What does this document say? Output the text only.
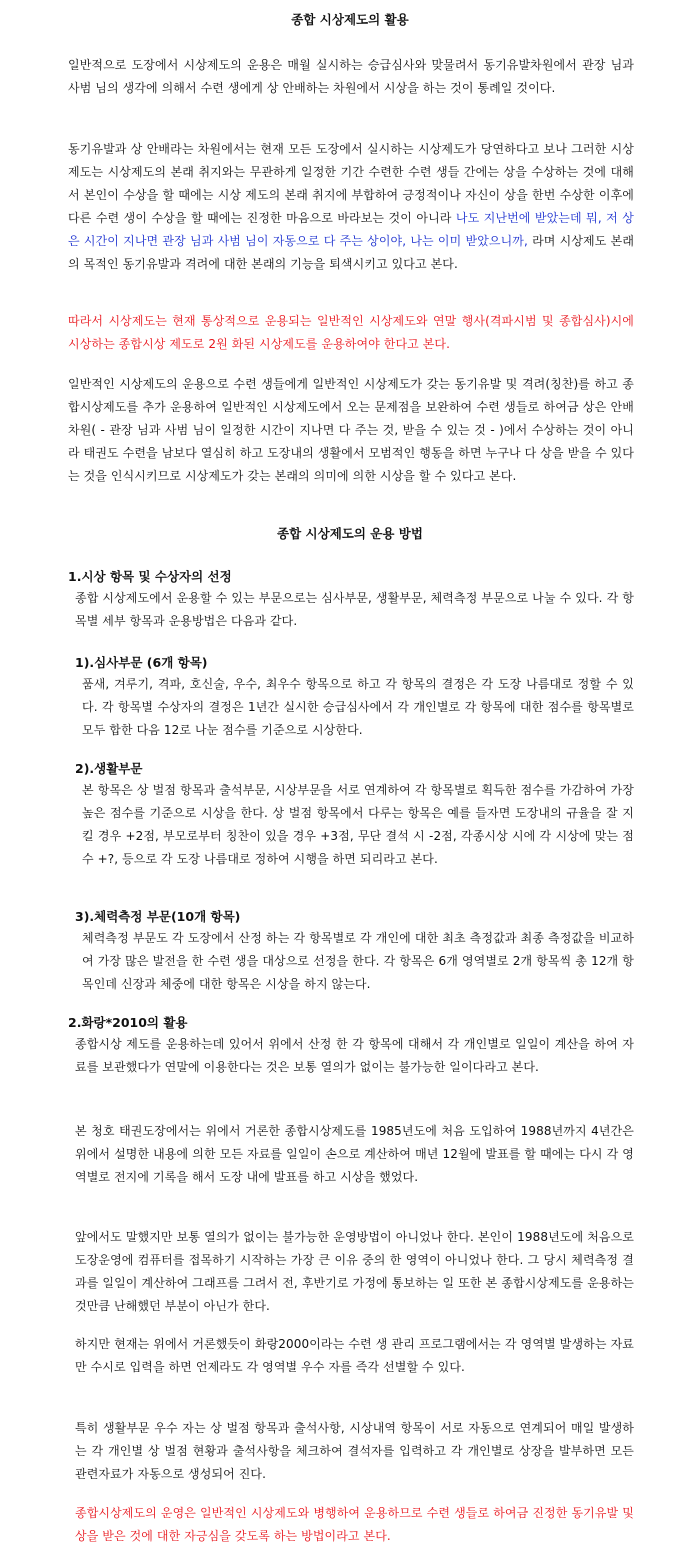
종합 시상제도의 활용
일반적으로 도장에서 시상제도의 운용은 매월 실시하는 승급심사와 맞물려서 동기유발차원에서 관장 님과 사범 님의 생각에 의해서 수련 생에게 상 안배하는 차원에서 시상을 하는 것이 통례일 것이다.
동기유발과 상 안배라는 차원에서는 현재 모든 도장에서 실시하는 시상제도가 당연하다고 보나 그러한 시상제도는 시상제도의 본래 취지와는 무관하게 일정한 기간 수련한 수련 생들 간에는 상을 수상하는 것에 대해서 본인이 수상을 할 때에는 시상 제도의 본래 취지에 부합하여 긍정적이나 자신이 상을 한번 수상한 이후에 다른 수련 생이 수상을 할 때에는 진정한 마음으로 바라보는 것이 아니라 나도 지난번에 받았는데 뭐, 저 상은 시간이 지나면 관장 님과 사범 님이 자동으로 다 주는 상이야, 나는 이미 받았으니까, 라며 시상제도 본래의 목적인 동기유발과 격려에 대한 본래의 기능을 퇴색시키고 있다고 본다.
따라서 시상제도는 현재 통상적으로 운용되는 일반적인 시상제도와 연말 행사(격파시범 및 종합심사)시에 시상하는 종합시상 제도로 2원 화된 시상제도를 운용하여야 한다고 본다.
일반적인 시상제도의 운용으로 수련 생들에게 일반적인 시상제도가 갖는 동기유발 및 격려(칭찬)를 하고 종합시상제도를 추가 운용하여 일반적인 시상제도에서 오는 문제점을 보완하여 수련 생들로 하여금 상은 안배차원( - 관장 님과 사범 님이 일정한 시간이 지나면 다 주는 것, 받을 수 있는 것 - )에서 수상하는 것이 아니라 태권도 수련을 남보다 열심히 하고 도장내의 생활에서 모범적인 행동을 하면 누구나 다 상을 받을 수 있다는 것을 인식시키므로 시상제도가 갖는 본래의 의미에 의한 시상을 할 수 있다고 본다.
종합 시상제도의 운용 방법
1.시상 항목 및 수상자의 선정
종합 시상제도에서 운용할 수 있는 부문으로는 심사부문, 생활부문, 체력측정 부문으로 나눌 수 있다. 각 항목별 세부 항목과 운용방법은 다음과 같다.
1).심사부문 (6개 항목)
품새, 겨루기, 격파, 호신술, 우수, 최우수 항목으로 하고 각 항목의 결정은 각 도장 나름대로 정할 수 있다. 각 항목별 수상자의 결정은 1년간 실시한 승급심사에서 각 개인별로 각 항목에 대한 점수를 항목별로 모두 합한 다음 12로 나눈 점수를 기준으로 시상한다.
2).생활부문
본 항목은 상 벌점 항목과 출석부문, 시상부문을 서로 연계하여 각 항목별로 획득한 점수를 가감하여 가장 높은 점수를 기준으로 시상을 한다. 상 벌점 항목에서 다루는 항목은 예를 들자면 도장내의 규율을 잘 지킬 경우 +2점, 부모로부터 칭찬이 있을 경우 +3점, 무단 결석 시 -2점, 각종시상 시에 각 시상에 맞는 점수 +?, 등으로 각 도장 나름대로 정하여 시행을 하면 되리라고 본다.
3).체력측정 부문(10개 항목)
체력측정 부문도 각 도장에서 산정 하는 각 항목별로 각 개인에 대한 최초 측정값과 최종 측정값을 비교하여 가장 많은 발전을 한 수련 생을 대상으로 선정을 한다. 각 항목은 6개 영역별로 2개 항목씩 총 12개 항목인데 신장과 체중에 대한 항목은 시상을 하지 않는다.
2.화랑*2010의 활용
종합시상 제도를 운용하는데 있어서 위에서 산정 한 각 항목에 대해서 각 개인별로 일일이 계산을 하여 자료를 보관했다가 연말에 이용한다는 것은 보통 열의가 없이는 불가능한 일이다라고 본다.
본 청호 태권도장에서는 위에서 거론한 종합시상제도를 1985년도에 처음 도입하여 1988년까지 4년간은 위에서 설명한 내용에 의한 모든 자료를 일일이 손으로 계산하여 매년 12월에 발표를 할 때에는 다시 각 영역별로 전지에 기록을 해서 도장 내에 발표를 하고 시상을 했었다.
앞에서도 말했지만 보통 열의가 없이는 불가능한 운영방법이 아니었나 한다. 본인이 1988년도에 처음으로 도장운영에 컴퓨터를 접목하기 시작하는 가장 큰 이유 중의 한 영역이 아니었나 한다. 그 당시 체력측정 결과를 일일이 계산하여 그래프를 그려서 전, 후반기로 가정에 통보하는 일 또한 본 종합시상제도를 운용하는 것만큼 난해했던 부분이 아닌가 한다.
하지만 현재는 위에서 거론했듯이 화랑2000이라는 수련 생 관리 프로그램에서는 각 영역별 발생하는 자료만 수시로 입력을 하면 언제라도 각 영역별 우수 자를 즉각 선별할 수 있다.
특히 생활부문 우수 자는 상 벌점 항목과 출석사항, 시상내역 항목이 서로 자동으로 연계되어 매일 발생하는 각 개인별 상 벌점 현황과 출석사항을 체크하여 결석자를 입력하고 각 개인별로 상장을 발부하면 모든 관련자료가 자동으로 생성되어 진다.
종합시상제도의 운영은 일반적인 시상제도와 병행하여 운용하므로 수련 생들로 하여금 진정한 동기유발 및 상을 받은 것에 대한 자긍심을 갖도록 하는 방법이라고 본다.
